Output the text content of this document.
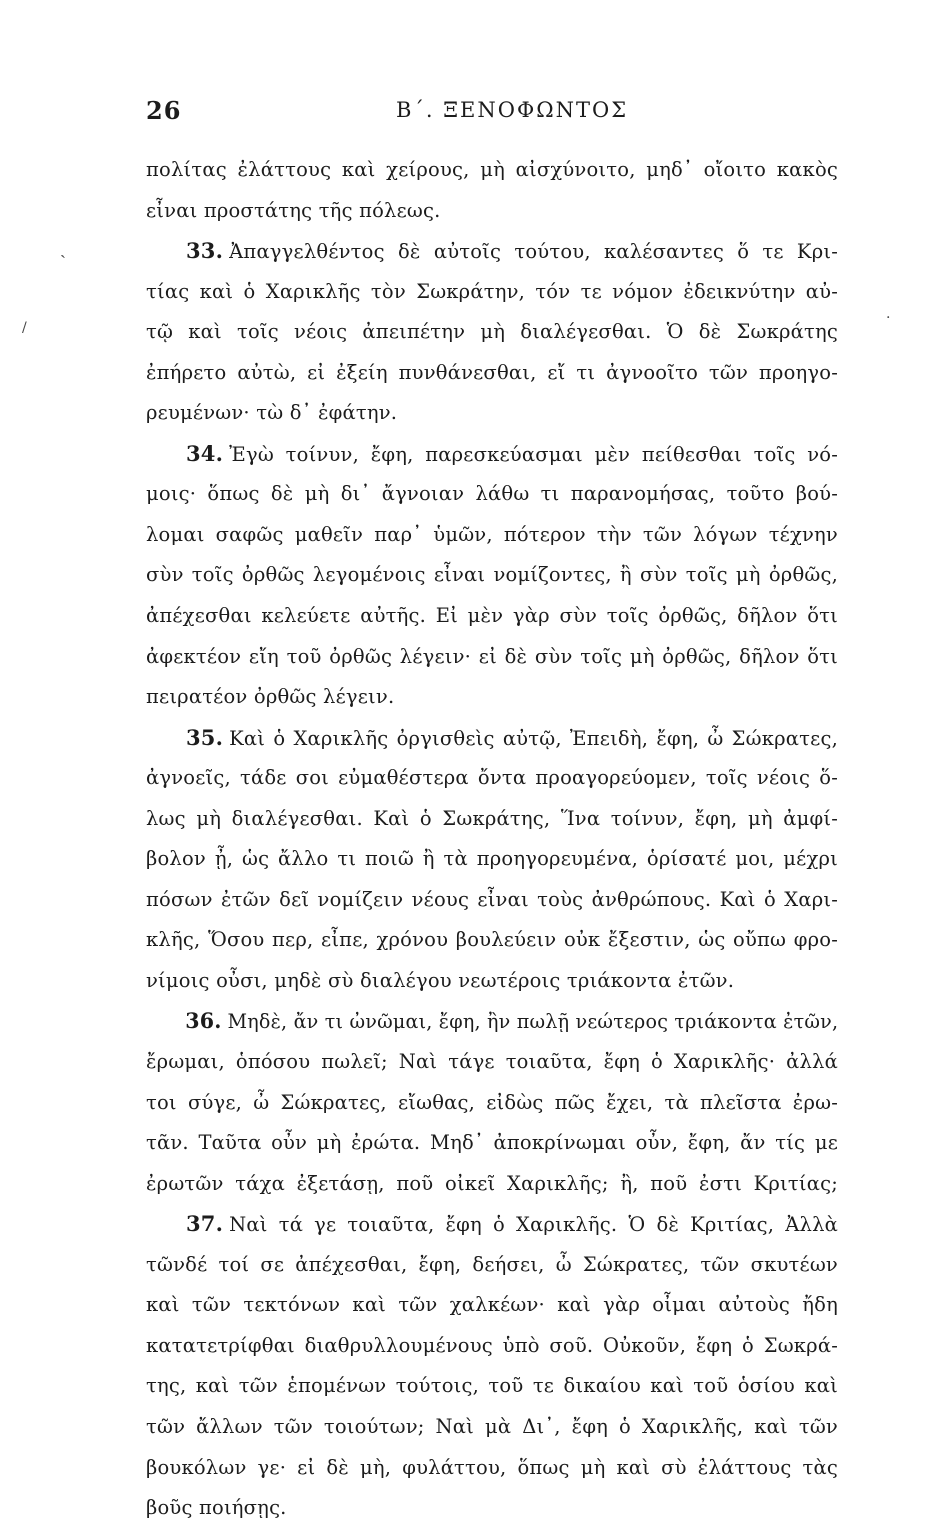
26	Β΄. ΞΕΝΟΦΩΝΤΟΣ
ˎ
/
.
πολίτας ἐλάττους καὶ χείρους, μὴ αἰσχύνοιτο, μηδ᾽ οἴοιτο κακὸς
εἶναι προστάτης τῆς πόλεως.
33. Ἀπαγγελθέντος δὲ αὐτοῖς τούτου, καλέσαντες ὅ τε Κρι-
τίας καὶ ὁ Χαρικλῆς τὸν Σωκράτην, τόν τε νόμον ἐδεικνύτην αὐ-
τῷ καὶ τοῖς νέοις ἀπειπέτην μὴ διαλέγεσθαι. Ὁ δὲ Σωκράτης
ἐπήρετο αὐτὼ, εἰ ἐξείη πυνθάνεσθαι, εἴ τι ἀγνοοῖτο τῶν προηγο-
ρευμένων· τὼ δ᾽ ἐφάτην.
34. Ἐγὼ τοίνυν, ἔφη, παρεσκεύασμαι μὲν πείθεσθαι τοῖς νό-
μοις· ὅπως δὲ μὴ δι᾽ ἄγνοιαν λάθω τι παρανομήσας, τοῦτο βού-
λομαι σαφῶς μαθεῖν παρ᾽ ὑμῶν, πότερον τὴν τῶν λόγων τέχνην
σὺν τοῖς ὀρθῶς λεγομένοις εἶναι νομίζοντες, ἢ σὺν τοῖς μὴ ὀρθῶς,
ἀπέχεσθαι κελεύετε αὐτῆς. Εἰ μὲν γὰρ σὺν τοῖς ὀρθῶς, δῆλον ὅτι
ἀφεκτέον εἴη τοῦ ὀρθῶς λέγειν· εἰ δὲ σὺν τοῖς μὴ ὀρθῶς, δῆλον ὅτι
πειρατέον ὀρθῶς λέγειν.
35. Καὶ ὁ Χαρικλῆς ὀργισθεὶς αὐτῷ, Ἐπειδὴ, ἔφη, ὦ Σώκρατες,
ἀγνοεῖς, τάδε σοι εὐμαθέστερα ὄντα προαγορεύομεν, τοῖς νέοις ὅ-
λως μὴ διαλέγεσθαι. Καὶ ὁ Σωκράτης, Ἵνα τοίνυν, ἔφη, μὴ ἀμφί-
βολον ᾖ, ὡς ἄλλο τι ποιῶ ἢ τὰ προηγορευμένα, ὁρίσατέ μοι, μέχρι
πόσων ἐτῶν δεῖ νομίζειν νέους εἶναι τοὺς ἀνθρώπους. Καὶ ὁ Χαρι-
κλῆς, Ὅσου περ, εἶπε, χρόνου βουλεύειν οὐκ ἔξεστιν, ὡς οὔπω φρο-
νίμοις οὖσι, μηδὲ σὺ διαλέγου νεωτέροις τριάκοντα ἐτῶν.
36. Μηδὲ, ἄν τι ὠνῶμαι, ἔφη, ἢν πωλῇ νεώτερος τριάκοντα ἐτῶν,
ἔρωμαι, ὁπόσου πωλεῖ; Ναὶ τάγε τοιαῦτα, ἔφη ὁ Χαρικλῆς· ἀλλά
τοι σύγε, ὦ Σώκρατες, εἴωθας, εἰδὼς πῶς ἔχει, τὰ πλεῖστα ἐρω-
τᾶν. Ταῦτα οὖν μὴ ἐρώτα. Μηδ᾽ ἀποκρίνωμαι οὖν, ἔφη, ἄν τίς με
ἐρωτῶν τάχα ἐξετάσῃ, ποῦ οἰκεῖ Χαρικλῆς; ἢ, ποῦ ἐστι Κριτίας;
37. Ναὶ τά γε τοιαῦτα, ἔφη ὁ Χαρικλῆς. Ὁ δὲ Κριτίας, Ἀλλὰ
τῶνδέ τοί σε ἀπέχεσθαι, ἔφη, δεήσει, ὦ Σώκρατες, τῶν σκυτέων
καὶ τῶν τεκτόνων καὶ τῶν χαλκέων· καὶ γὰρ οἶμαι αὐτοὺς ἤδη
κατατετρίφθαι διαθρυλλουμένους ὑπὸ σοῦ. Οὐκοῦν, ἔφη ὁ Σωκρά-
της, καὶ τῶν ἑπομένων τούτοις, τοῦ τε δικαίου καὶ τοῦ ὁσίου καὶ
τῶν ἄλλων τῶν τοιούτων; Ναὶ μὰ Δι᾽, ἔφη ὁ Χαρικλῆς, καὶ τῶν
βουκόλων γε· εἰ δὲ μὴ, φυλάττου, ὅπως μὴ καὶ σὺ ἐλάττους τὰς
βοῦς ποιήσῃς.
